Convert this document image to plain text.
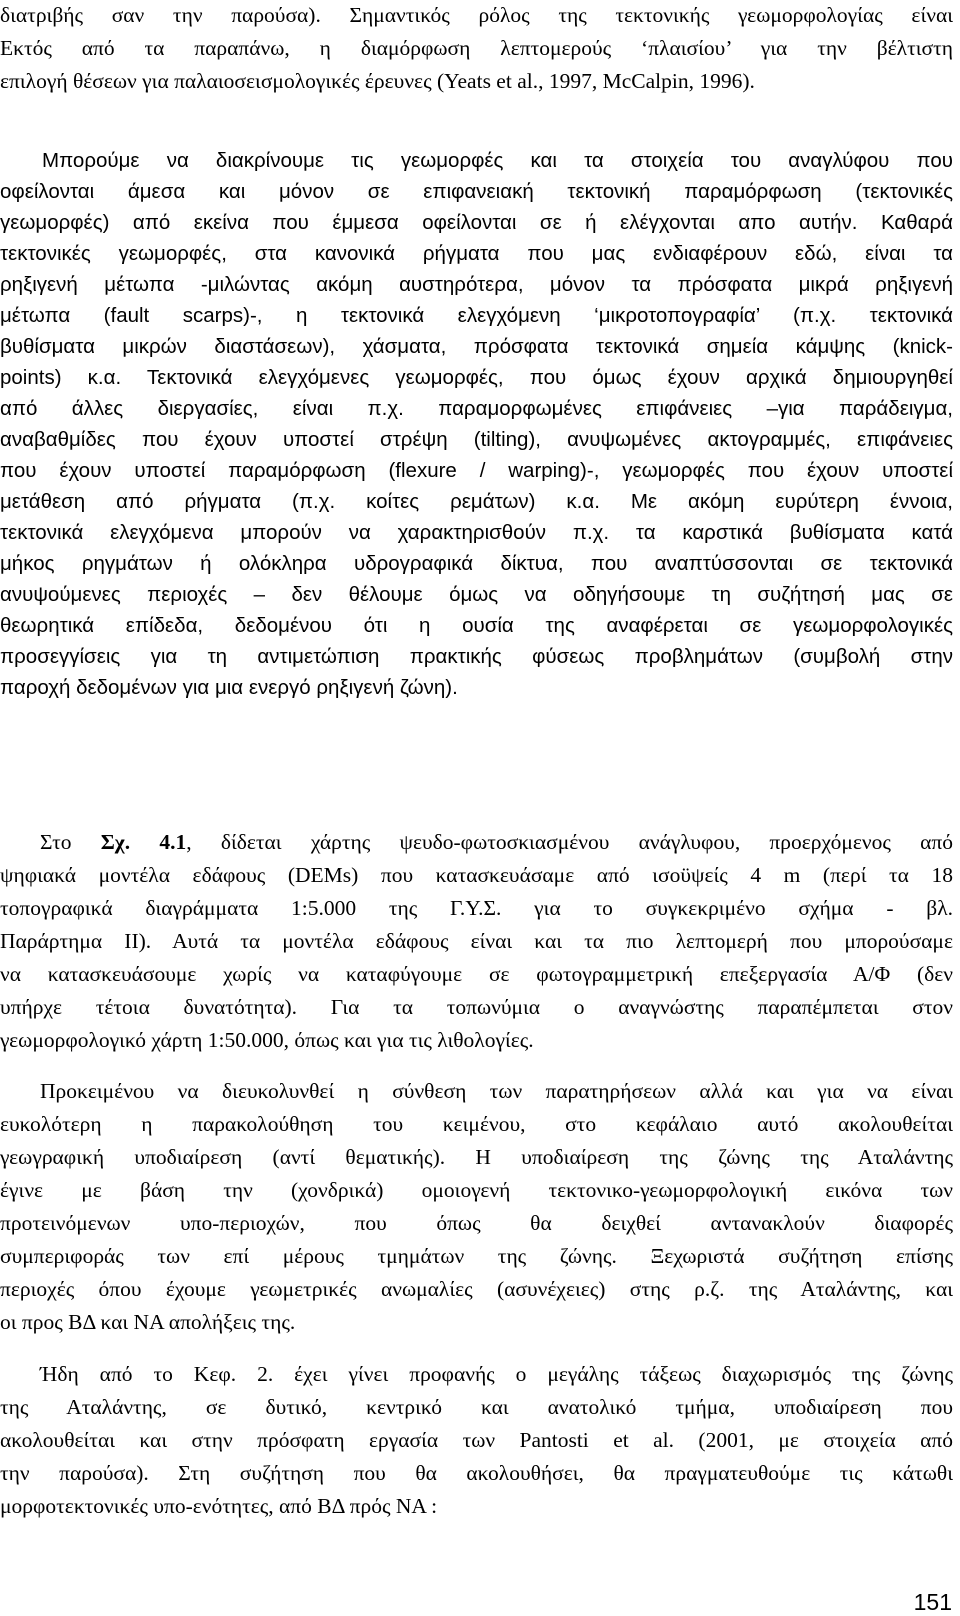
διατριβής σαν την παρούσα). Σημαντικός ρόλος της τεκτονικής γεωμορφολογίας είναι
Εκτός από τα παραπάνω, η διαμόρφωση λεπτομερούς ‘πλαισίου’ για την βέλτιστη
επιλογή θέσεων για παλαιοσεισμολογικές έρευνες (Yeats et al., 1997, McCalpin, 1996).
Μπορούμε να διακρίνουμε τις γεωμορφές και τα στοιχεία του αναγλύφου που
οφείλονται άμεσα και μόνον σε επιφανειακή τεκτονική παραμόρφωση (τεκτονικές
γεωμορφές) από εκείνα που έμμεσα οφείλονται σε ή ελέγχονται απο αυτήν. Καθαρά
τεκτονικές γεωμορφές, στα κανονικά ρήγματα που μας ενδιαφέρουν εδώ, είναι τα
ρηξιγενή μέτωπα -μιλώντας ακόμη αυστηρότερα, μόνον τα πρόσφατα μικρά ρηξιγενή
μέτωπα (fault scarps)-, η τεκτονικά ελεγχόμενη ‘μικροτοπογραφία’ (π.χ. τεκτονικά
βυθίσματα μικρών διαστάσεων), χάσματα, πρόσφατα τεκτονικά σημεία κάμψης (knick-
points) κ.α. Τεκτονικά ελεγχόμενες γεωμορφές, που όμως έχουν αρχικά δημιουργηθεί
από άλλες διεργασίες, είναι π.χ. παραμορφωμένες επιφάνειες –για παράδειγμα,
αναβαθμίδες που έχουν υποστεί στρέψη (tilting), ανυψωμένες ακτογραμμές, επιφάνειες
που έχουν υποστεί παραμόρφωση (flexure / warping)-, γεωμορφές που έχουν υποστεί
μετάθεση από ρήγματα (π.χ. κοίτες ρεμάτων) κ.α. Με ακόμη ευρύτερη έννοια,
τεκτονικά ελεγχόμενα μπορούν να χαρακτηρισθούν π.χ. τα καρστικά βυθίσματα κατά
μήκος ρηγμάτων ή ολόκληρα υδρογραφικά δίκτυα, που αναπτύσσονται σε τεκτονικά
ανυψούμενες περιοχές – δεν θέλουμε όμως να οδηγήσουμε τη συζήτησή μας σε
θεωρητικά επίδεδα, δεδομένου ότι η ουσία της αναφέρεται σε γεωμορφολογικές
προσεγγίσεις για τη αντιμετώπιση πρακτικής φύσεως προβλημάτων (συμβολή στην
παροχή δεδομένων για μια ενεργό ρηξιγενή ζώνη).
Στο Σχ. 4.1, δίδεται χάρτης ψευδο-φωτοσκιασμένου ανάγλυφου, προερχόμενος από
ψηφιακά μοντέλα εδάφους (DEMs) που κατασκευάσαμε από ισοϋψείς 4 m (περί τα 18
τοπογραφικά διαγράμματα 1:5.000 της Γ.Υ.Σ. για το συγκεκριμένο σχήμα - βλ.
Παράρτημα ΙΙ). Αυτά τα μοντέλα εδάφους είναι και τα πιο λεπτομερή που μπορούσαμε
να κατασκευάσουμε χωρίς να καταφύγουμε σε φωτογραμμετρική επεξεργασία Α/Φ (δεν
υπήρχε τέτοια δυνατότητα). Για τα τοπωνύμια ο αναγνώστης παραπέμπεται στον
γεωμορφολογικό χάρτη 1:50.000, όπως και για τις λιθολογίες.
Προκειμένου να διευκολυνθεί η σύνθεση των παρατηρήσεων αλλά και για να είναι
ευκολότερη η παρακολούθηση του κειμένου, στο κεφάλαιο αυτό ακολουθείται
γεωγραφική υποδιαίρεση (αντί θεματικής). Η υποδιαίρεση της ζώνης της Αταλάντης
έγινε με βάση την (χονδρικά) ομοιογενή τεκτονικο-γεωμορφολογική εικόνα των
προτεινόμενων υπο-περιοχών, που όπως θα δειχθεί αντανακλούν διαφορές
συμπεριφοράς των επί μέρους τμημάτων της ζώνης. Ξεχωριστά συζήτηση επίσης
περιοχές όπου έχουμε γεωμετρικές ανωμαλίες (ασυνέχειες) στης ρ.ζ. της Αταλάντης, και
οι προς ΒΔ και ΝΑ απολήξεις της.
Ήδη από το Κεφ. 2. έχει γίνει προφανής ο μεγάλης τάξεως διαχωρισμός της ζώνης
της Αταλάντης, σε δυτικό, κεντρικό και ανατολικό τμήμα, υποδιαίρεση που
ακολουθείται και στην πρόσφατη εργασία των Pantosti et al. (2001, με στοιχεία από
την παρούσα). Στη συζήτηση που θα ακολουθήσει, θα πραγματευθούμε τις κάτωθι
μορφοτεκτονικές υπο-ενότητες, από ΒΔ πρός ΝΑ :
151
